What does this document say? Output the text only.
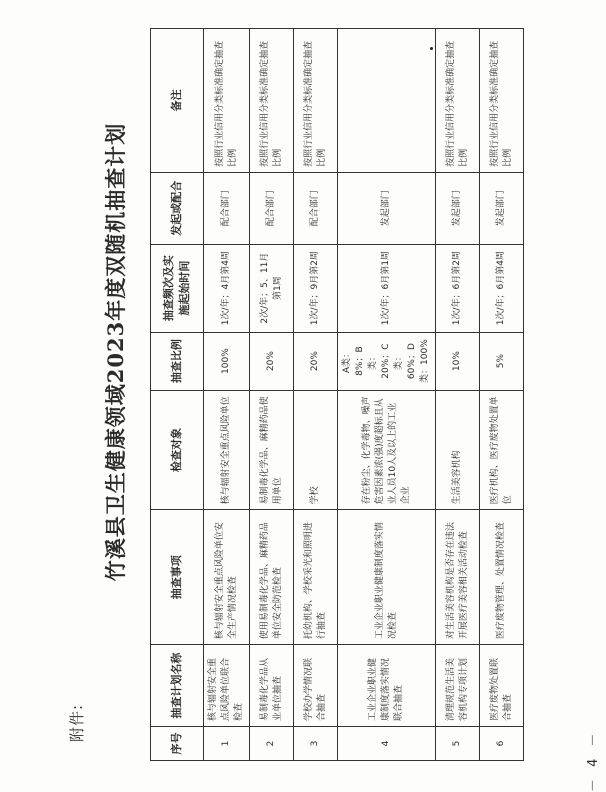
附件:
竹溪县卫生健康领域2023年度双随机抽查计划
序号	抽查计划名称	抽查事项	检查对象	抽查比例	抽查频次及实施起始时间	发起或配合	备注
1	核与辐射安全重点风险单位联合检查	核与辐射安全重点风险单位安全生产情况检查	核与辐射安全重点风险单位	100%	1次/年；4月第4周	配合部门	按照行业信用分类标准确定抽查比例
2	易制毒化学品从业单位抽查	使用易制毒化学品、麻精药品单位安全防范检查	易制毒化学品、麻精药品使用单位	20%	2次/年；5、11月第1周	配合部门	按照行业信用分类标准确定抽查比例
3	学校办学情况联合抽查	托幼机构、学校采光和照明进行抽查	学校	20%	1次/年；9月第2周	配合部门	按照行业信用分类标准确定抽查比例
4	工业企业职业健康制度落实情况联合抽查	工业企业职业健康制度落实情况检查	存在粉尘、化学毒物、噪声危害因素浓(强)度超标且从业人员10人及以上的工业企业	A类：8%；B类：20%；C类：60%；D类：100%	1次/年；6月第1周	发起部门	
5	清理规范生活美容机构专项计划	对生活美容机构是否存在违法开展医疗美容相关活动检查	生活美容机构	10%	1次/年；6月第2周	发起部门	按照行业信用分类标准确定抽查比例
6	医疗废物处置联合抽查	医疗废物管理、处置情况检查	医疗机构、医疗废物处置单位	5%	1次/年；6月第4周	发起部门	按照行业信用分类标准确定抽查比例
－ 4 －
